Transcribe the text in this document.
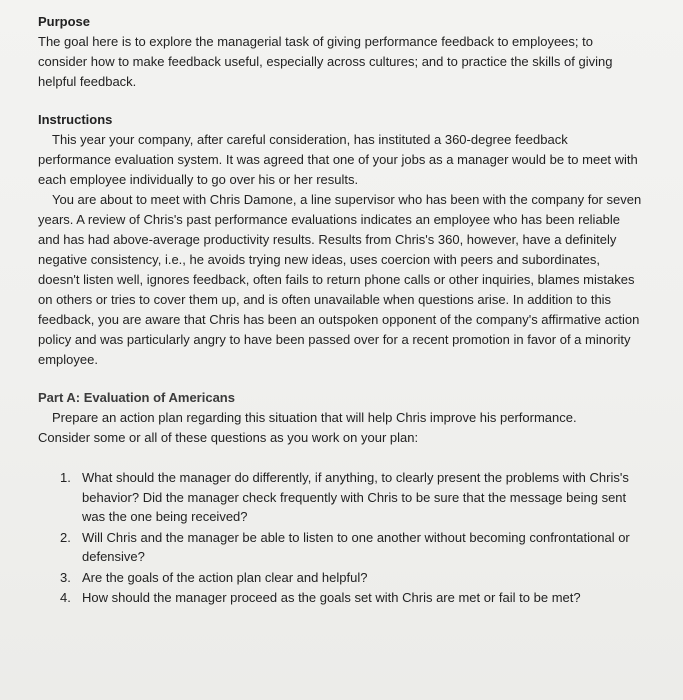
Purpose

The goal here is to explore the managerial task of giving performance feedback to employees; to consider how to make feedback useful, especially across cultures; and to practice the skills of giving helpful feedback.

Instructions

This year your company, after careful consideration, has instituted a 360-degree feedback performance evaluation system. It was agreed that one of your jobs as a manager would be to meet with each employee individually to go over his or her results.

You are about to meet with Chris Damone, a line supervisor who has been with the company for seven years. A review of Chris's past performance evaluations indicates an employee who has been reliable and has had above-average productivity results. Results from Chris's 360, however, have a definitely negative consistency, i.e., he avoids trying new ideas, uses coercion with peers and subordinates, doesn't listen well, ignores feedback, often fails to return phone calls or other inquiries, blames mistakes on others or tries to cover them up, and is often unavailable when questions arise. In addition to this feedback, you are aware that Chris has been an outspoken opponent of the company's affirmative action policy and was particularly angry to have been passed over for a recent promotion in favor of a minority employee.

Part A: Evaluation of Americans

Prepare an action plan regarding this situation that will help Chris improve his performance.
Consider some or all of these questions as you work on your plan:

1. What should the manager do differently, if anything, to clearly present the problems with Chris's behavior? Did the manager check frequently with Chris to be sure that the message being sent was the one being received?
2. Will Chris and the manager be able to listen to one another without becoming confrontational or defensive?
3. Are the goals of the action plan clear and helpful?
4. How should the manager proceed as the goals set with Chris are met or fail to be met?
